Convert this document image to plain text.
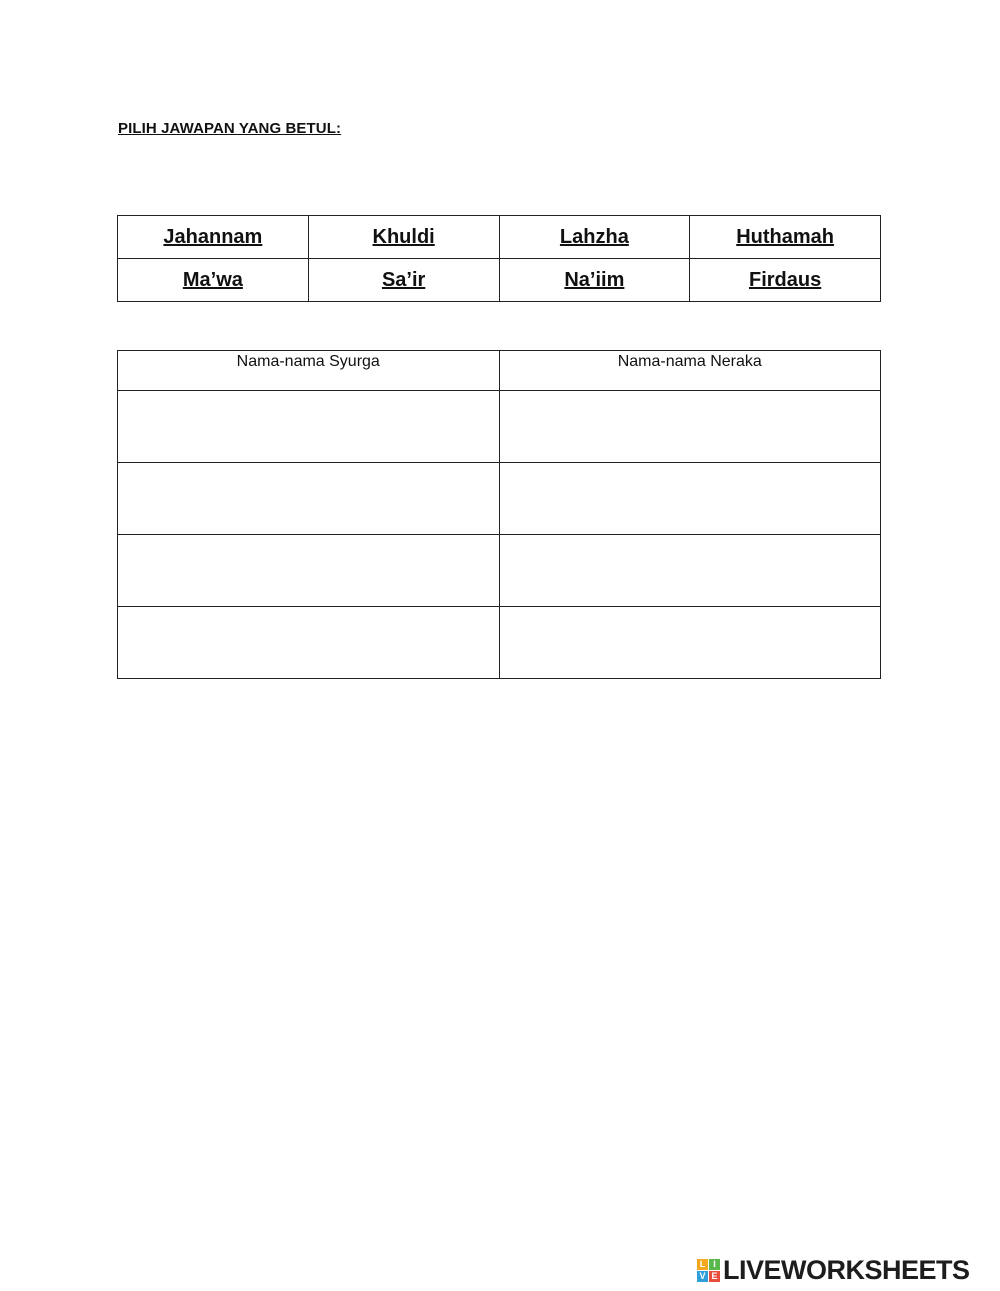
PILIH JAWAPAN YANG BETUL:
Jahannam	Khuldi	Lahzha	Huthamah
Ma’wa	Sa’ir	Na’iim	Firdaus
Nama-nama Syurga	Nama-nama Neraka

L I
V E LIVEWORKSHEETS
